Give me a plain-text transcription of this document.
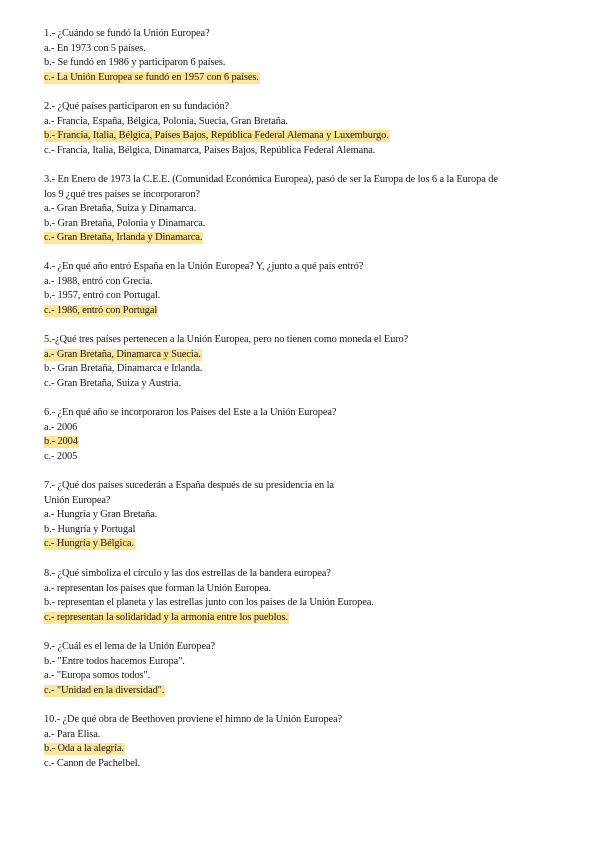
1.- ¿Cuándo se fundó la Unión Europea?
a.- En 1973 con 5 países.
b.- Se fundó en 1986 y participaron 6 países.
c.- La Unión Europea se fundó en 1957 con 6 países.
2.- ¿Qué países participaron en su fundación?
a.- Francia, España, Bélgica, Polonia, Suecia, Gran Bretaña.
b.- Francia, Italia, Bélgica, Países Bajos, República Federal Alemana y Luxemburgo.
c.- Francia, Italia, Bélgica, Dinamarca, Países Bajos, República Federal Alemana.
3.- En Enero de 1973 la C.E.E. (Comunidad Económica Europea), pasó de ser la Europa de los 6 a la Europa de
los 9 ¿qué tres países se incorporaron?
a.- Gran Bretaña, Suiza y Dinamarca.
b.- Gran Bretaña, Polonia y Dinamarca.
c.- Gran Bretaña, Irlanda y Dinamarca.
4.- ¿En qué año entró España en la Unión Europea? Y, ¿junto a qué país entró?
a.- 1988, entró con Grecia.
b.- 1957, entró con Portugal.
c.- 1986, entró con Portugal
5.-¿Qué tres países pertenecen a la Unión Europea, pero no tienen como moneda el Euro?
a.- Gran Bretaña, Dinamarca y Suecia.
b.- Gran Bretaña, Dinamarca e Irlanda.
c.- Gran Bretaña, Suiza y Austria.
6.- ¿En qué año se incorporaron los Países del Este a la Unión Europea?
a.- 2006
b.- 2004
c.- 2005
7.- ¿Qué dos países sucederán a España después de su presidencia en la
Unión Europea?
a.- Hungría y Gran Bretaña.
b.- Hungría y Portugal
c.- Hungría y Bélgica.
8.- ¿Qué simboliza el círculo y las dos estrellas de la bandera europea?
a.- representan los países que forman la Unión Europea.
b.- representan el planeta y las estrellas junto con los países de la Unión Europea.
c.- representan la solidaridad y la armonía entre los pueblos.
9.- ¿Cuál es el lema de la Unión Europea?
b.- "Entre todos hacemos Europa".
a.- "Europa somos todos".
c.- "Unidad en la diversidad".
10.- ¿De qué obra de Beethoven proviene el himno de la Unión Europea?
a.- Para Elisa.
b.- Oda a la alegría.
c.- Canon de Pachelbel.
